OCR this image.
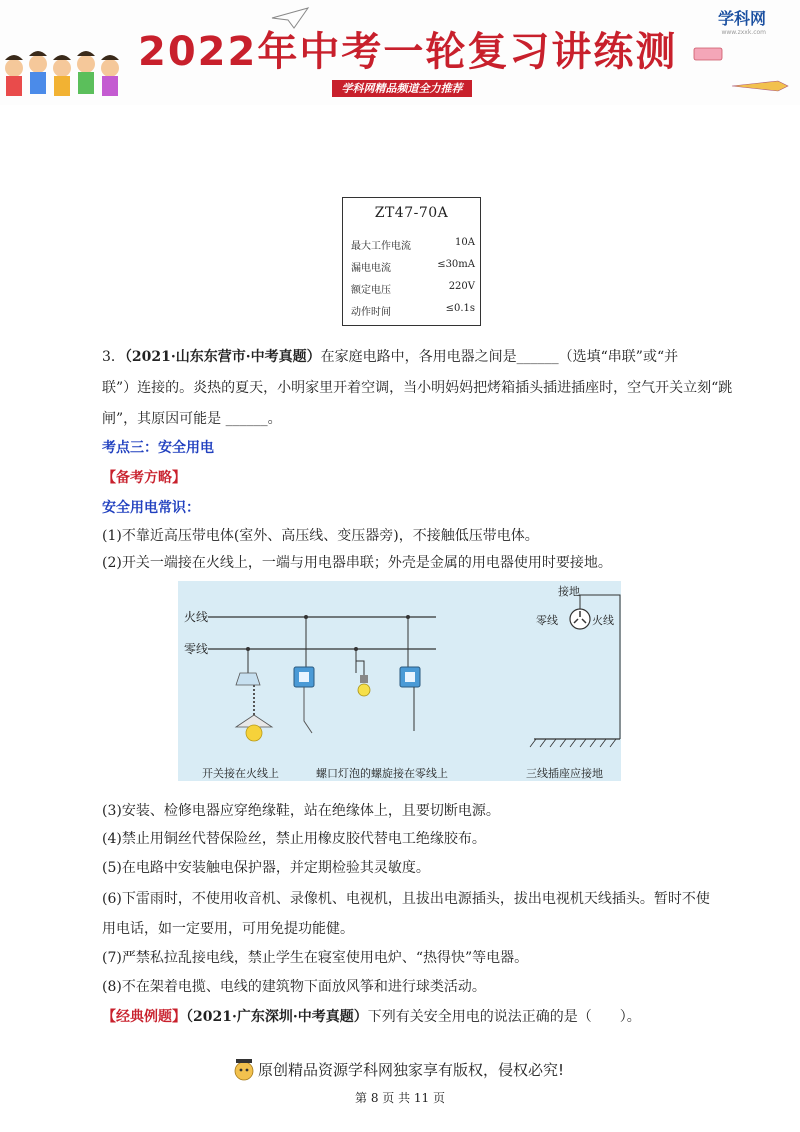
2022年中考一轮复习讲练测
学科网精品频道全力推荐
学科网
www.zxxk.com
ZT47-70A
最大工作电流	10A
漏电电流	≤30mA
额定电压	220V
动作时间	≤0.1s
3．（2021·山东东营市·中考真题）在家庭电路中，各用电器之间是______（选填“串联”或“并
联”）连接的。炎热的夏天，小明家里开着空调，当小明妈妈把烤箱插头插进插座时，空气开关立刻“跳
闸”，其原因可能是 ______。
考点三：安全用电
【备考方略】
安全用电常识：
(1)不靠近高压带电体(室外、高压线、变压器旁)，不接触低压带电体。
(2)开关一端接在火线上，一端与用电器串联；外壳是金属的用电器使用时要接地。
火线
零线
接地
零线	火线
开关接在火线上	螺口灯泡的螺旋接在零线上	三线插座应接地
(3)安装、检修电器应穿绝缘鞋，站在绝缘体上，且要切断电源。
(4)禁止用铜丝代替保险丝，禁止用橡皮胶代替电工绝缘胶布。
(5)在电路中安装触电保护器，并定期检验其灵敏度。
(6)下雷雨时，不使用收音机、录像机、电视机，且拔出电源插头，拔出电视机天线插头。暂时不使
用电话，如一定要用，可用免提功能健。
(7)严禁私拉乱接电线，禁止学生在寝室使用电炉、“热得快”等电器。
(8)不在架着电揽、电线的建筑物下面放风筝和进行球类活动。
【经典例题】（2021·广东深圳·中考真题）下列有关安全用电的说法正确的是（　　）。
原创精品资源学科网独家享有版权，侵权必究!
第 8 页 共 11 页
